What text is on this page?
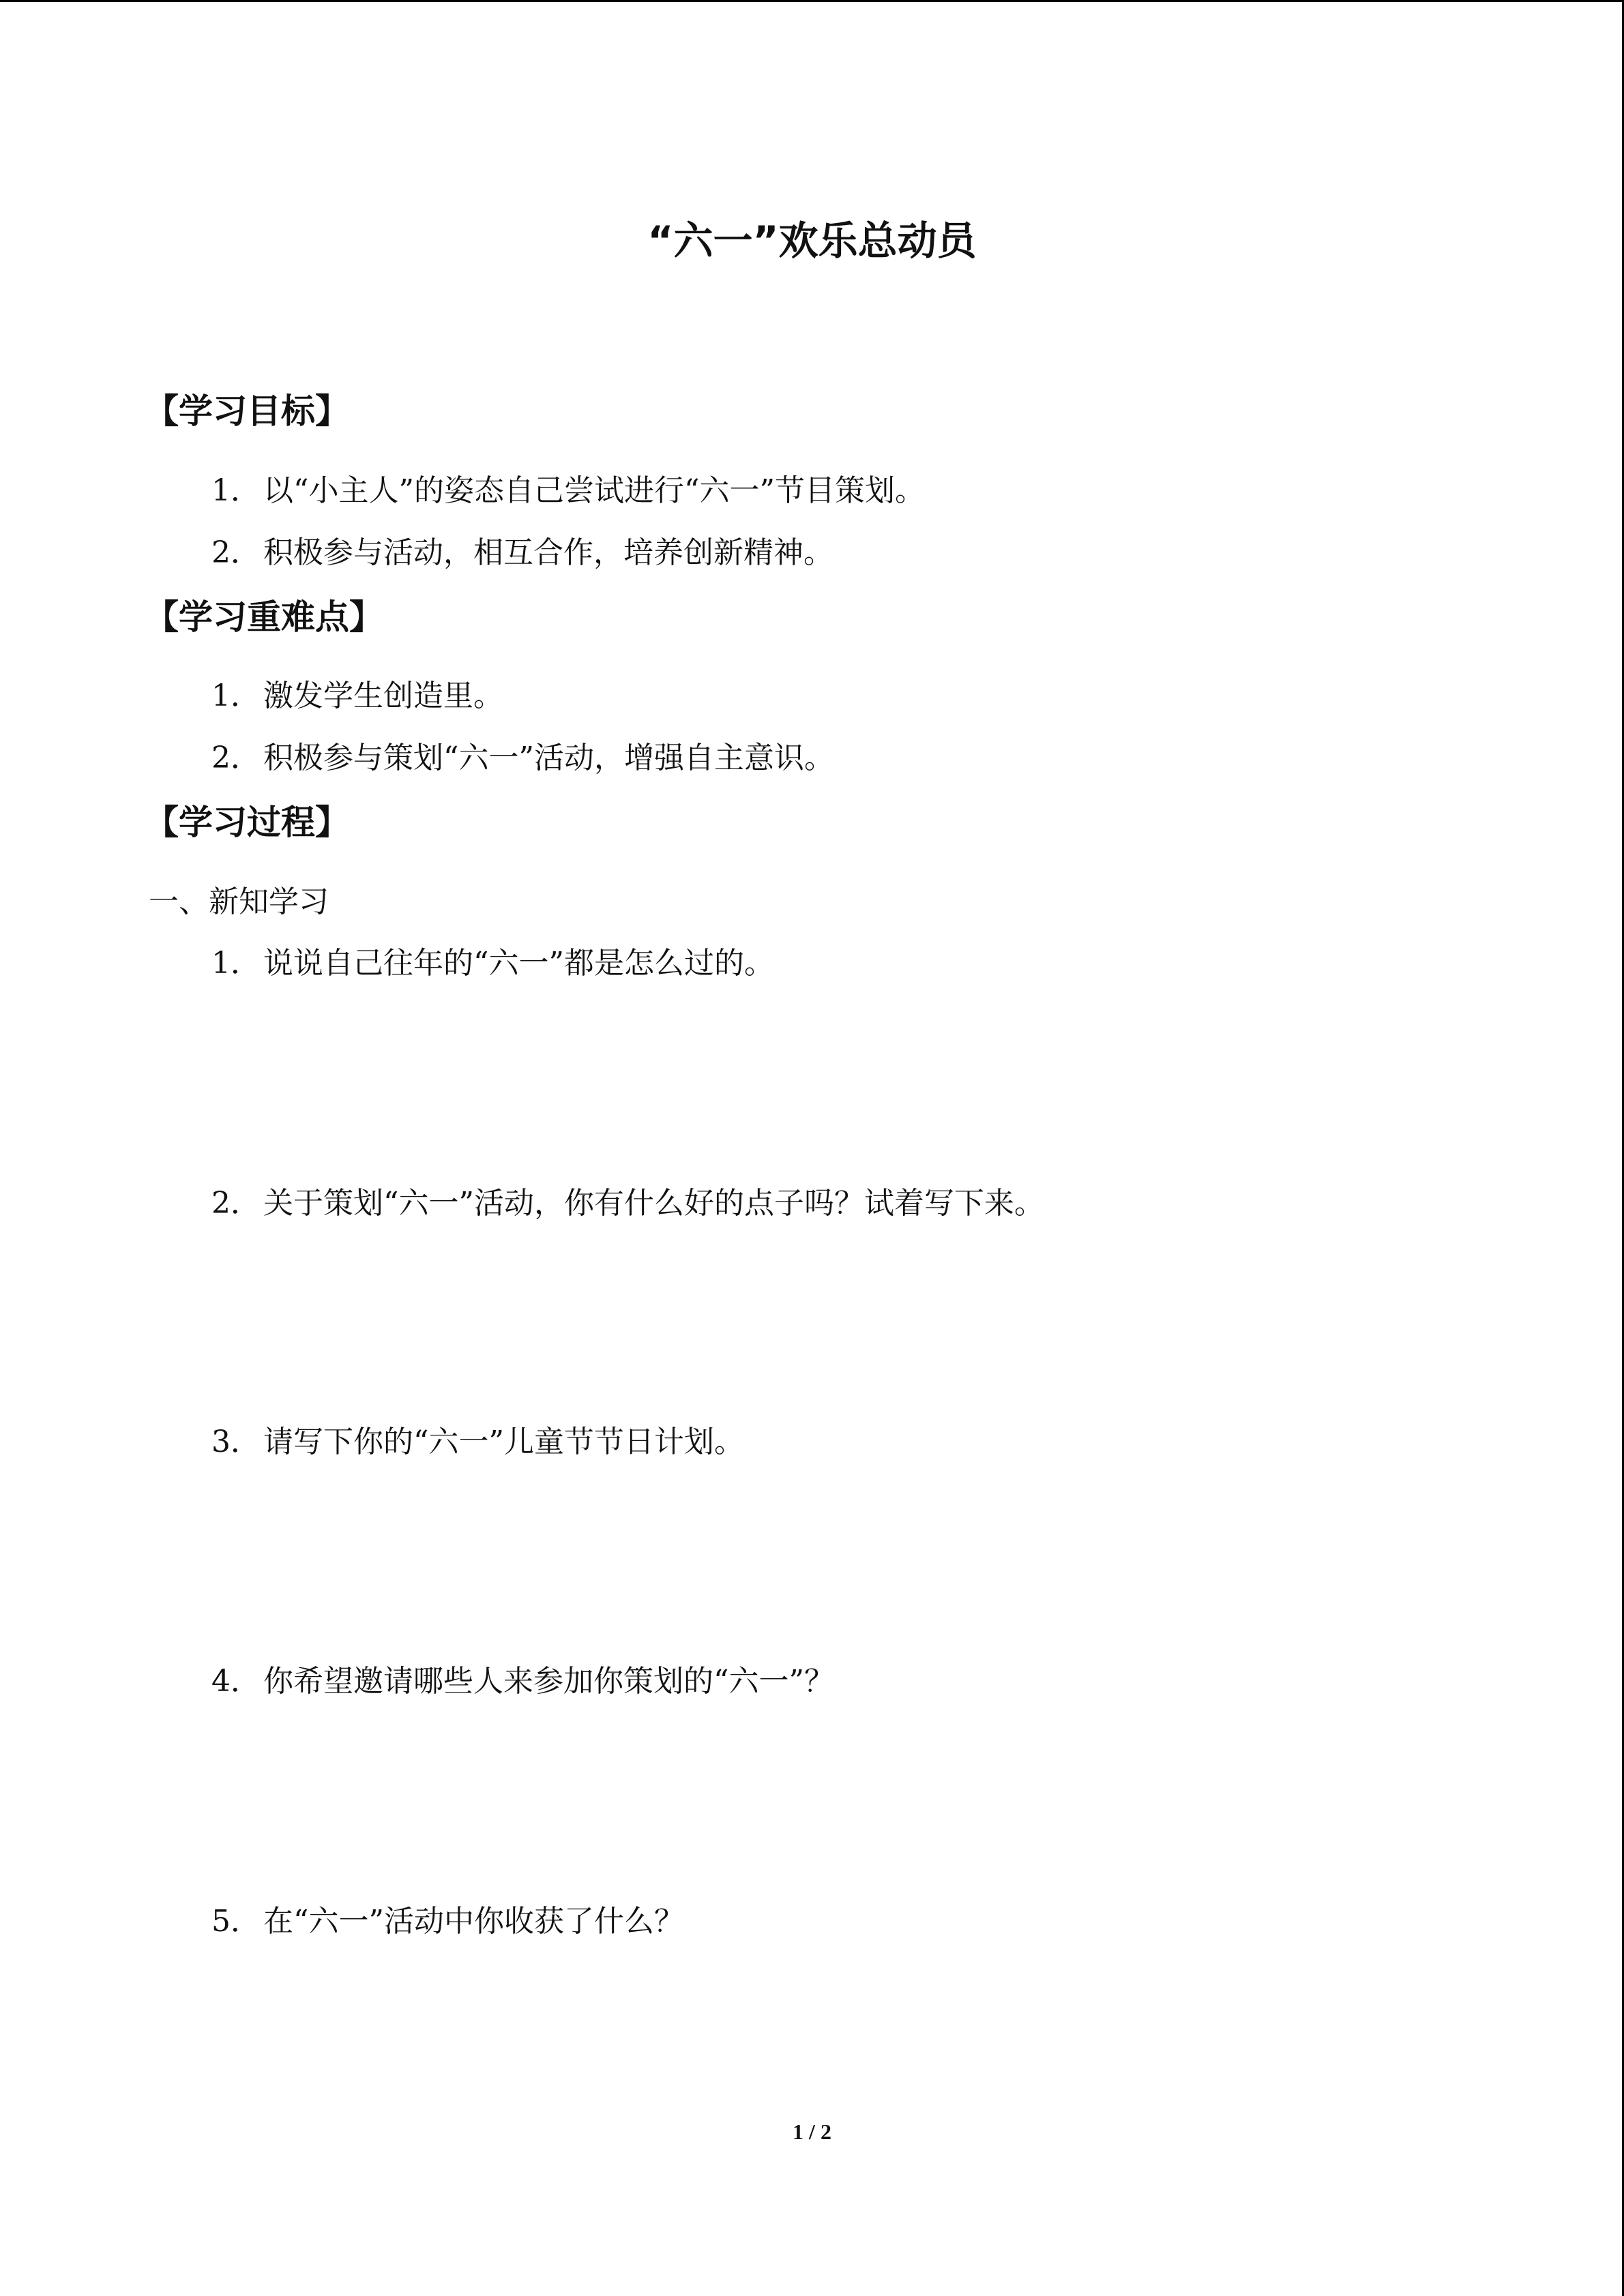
“六一”欢乐总动员
【学习目标】
1．以“小主人”的姿态自己尝试进行“六一”节目策划。
2．积极参与活动，相互合作，培养创新精神。
【学习重难点】
1．激发学生创造里。
2．积极参与策划“六一”活动，增强自主意识。
【学习过程】
一、新知学习
1．说说自己往年的“六一”都是怎么过的。
2．关于策划“六一”活动，你有什么好的点子吗？试着写下来。
3．请写下你的“六一”儿童节节日计划。
4．你希望邀请哪些人来参加你策划的“六一”？
5．在“六一”活动中你收获了什么？
1 / 2
